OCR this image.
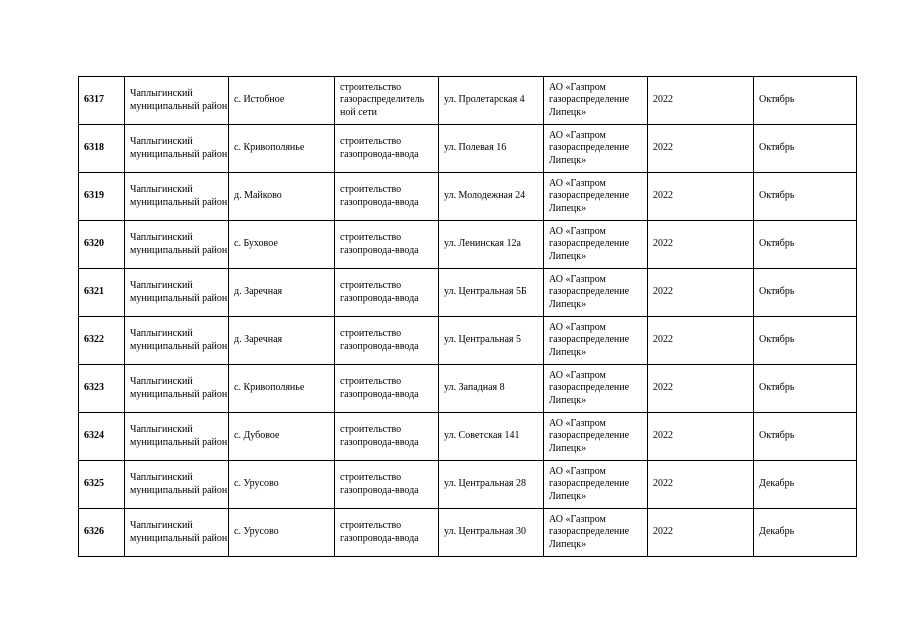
6317	Чаплыгинский муниципальный район	с. Истобное	строительство газораспределитель ной сети	ул. Пролетарская 4	АО «Газпром газораспределение Липецк»	2022	Октябрь

6318	Чаплыгинский муниципальный район	с. Кривополянье	строительство газопровода-ввода	ул. Полевая 16	АО «Газпром газораспределение Липецк»	2022	Октябрь

6319	Чаплыгинский муниципальный район	д. Майково	строительство газопровода-ввода	ул. Молодежная 24	АО «Газпром газораспределение Липецк»	2022	Октябрь

6320	Чаплыгинский муниципальный район	с. Буховое	строительство газопровода-ввода	ул. Ленинская 12а	АО «Газпром газораспределение Липецк»	2022	Октябрь

6321	Чаплыгинский муниципальный район	д. Заречная	строительство газопровода-ввода	ул. Центральная 5Б	АО «Газпром газораспределение Липецк»	2022	Октябрь

6322	Чаплыгинский муниципальный район	д. Заречная	строительство газопровода-ввода	ул. Центральная 5	АО «Газпром газораспределение Липецк»	2022	Октябрь

6323	Чаплыгинский муниципальный район	с. Кривополянье	строительство газопровода-ввода	ул. Западная 8	АО «Газпром газораспределение Липецк»	2022	Октябрь

6324	Чаплыгинский муниципальный район	с. Дубовое	строительство газопровода-ввода	ул. Советская 141	АО «Газпром газораспределение Липецк»	2022	Октябрь

6325	Чаплыгинский муниципальный район	с. Урусово	строительство газопровода-ввода	ул. Центральная 28	АО «Газпром газораспределение Липецк»	2022	Декабрь

6326	Чаплыгинский муниципальный район	с. Урусово	строительство газопровода-ввода	ул. Центральная 30	АО «Газпром газораспределение Липецк»	2022	Декабрь
